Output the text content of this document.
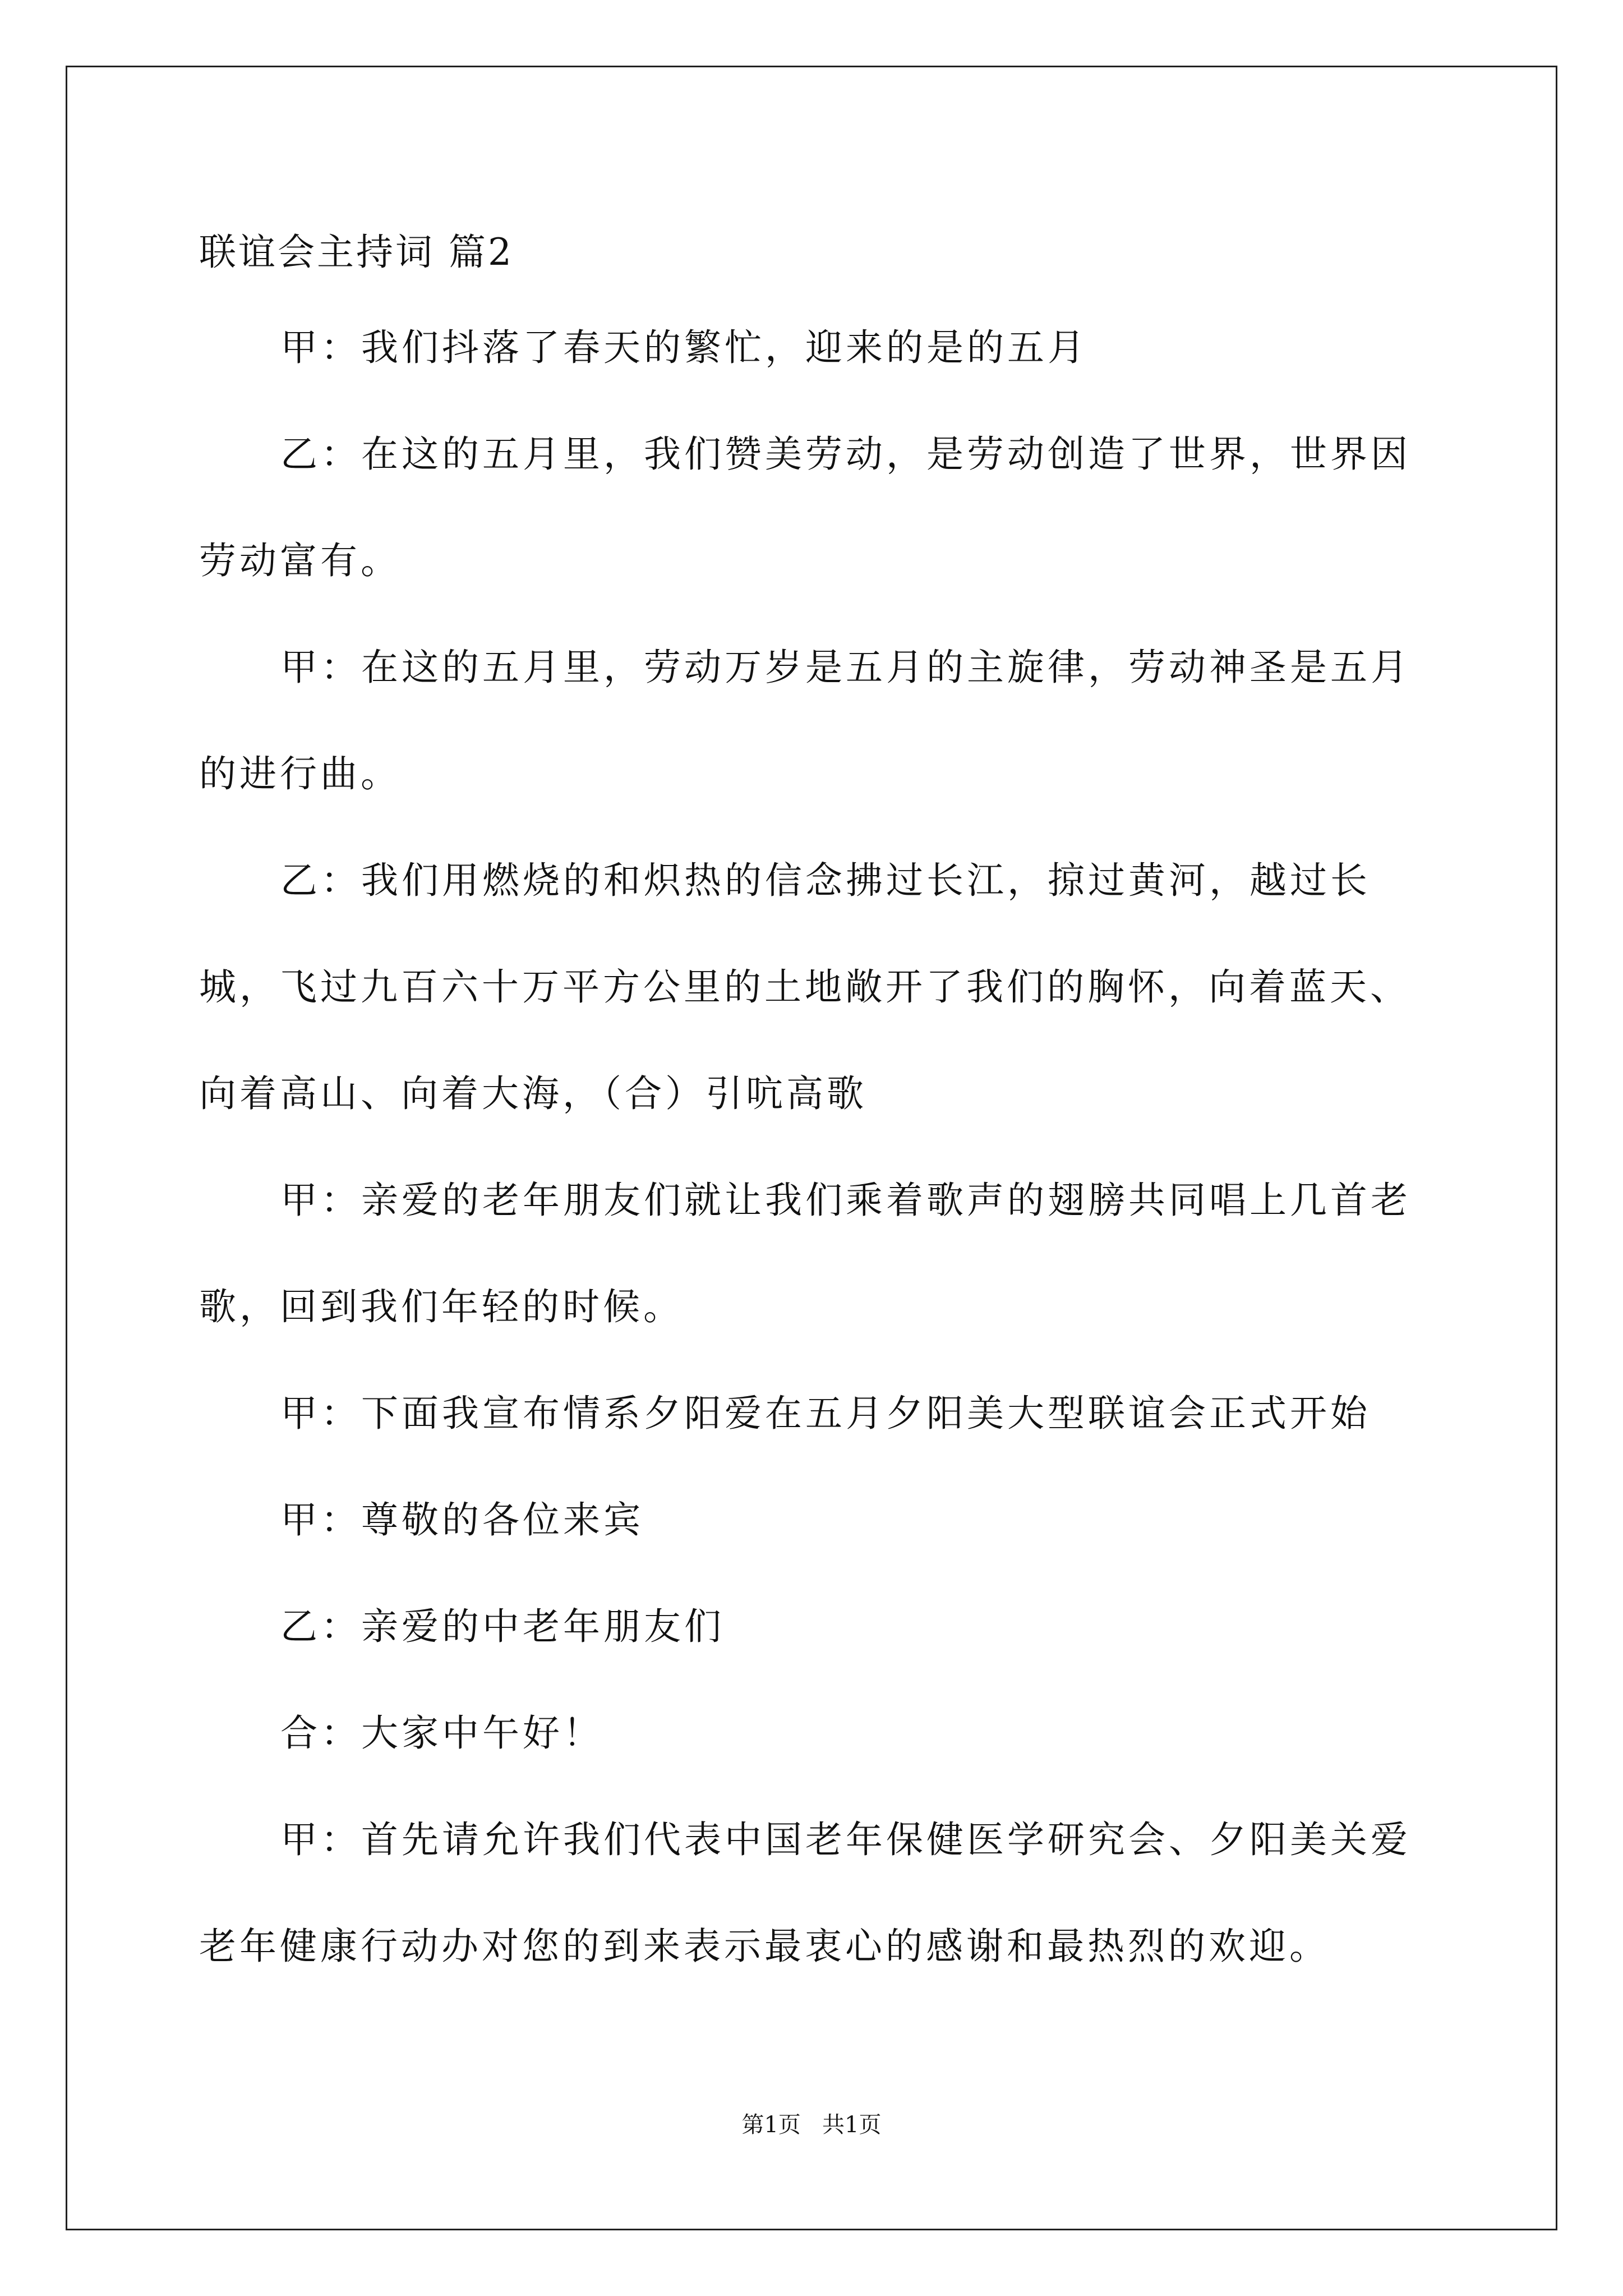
联谊会主持词 篇2

甲：我们抖落了春天的繁忙，迎来的是的五月

乙：在这的五月里，我们赞美劳动，是劳动创造了世界，世界因劳动富有。

甲：在这的五月里，劳动万岁是五月的主旋律，劳动神圣是五月的进行曲。

乙：我们用燃烧的和炽热的信念拂过长江，掠过黄河，越过长城，飞过九百六十万平方公里的土地敞开了我们的胸怀，向着蓝天、向着高山、向着大海，（合）引吭高歌

甲：亲爱的老年朋友们就让我们乘着歌声的翅膀共同唱上几首老歌，回到我们年轻的时候。

甲：下面我宣布情系夕阳爱在五月夕阳美大型联谊会正式开始

甲：尊敬的各位来宾

乙：亲爱的中老年朋友们

合：大家中午好！

甲：首先请允许我们代表中国老年保健医学研究会、夕阳美关爱老年健康行动办对您的到来表示最衷心的感谢和最热烈的欢迎。

第1页   共1页
